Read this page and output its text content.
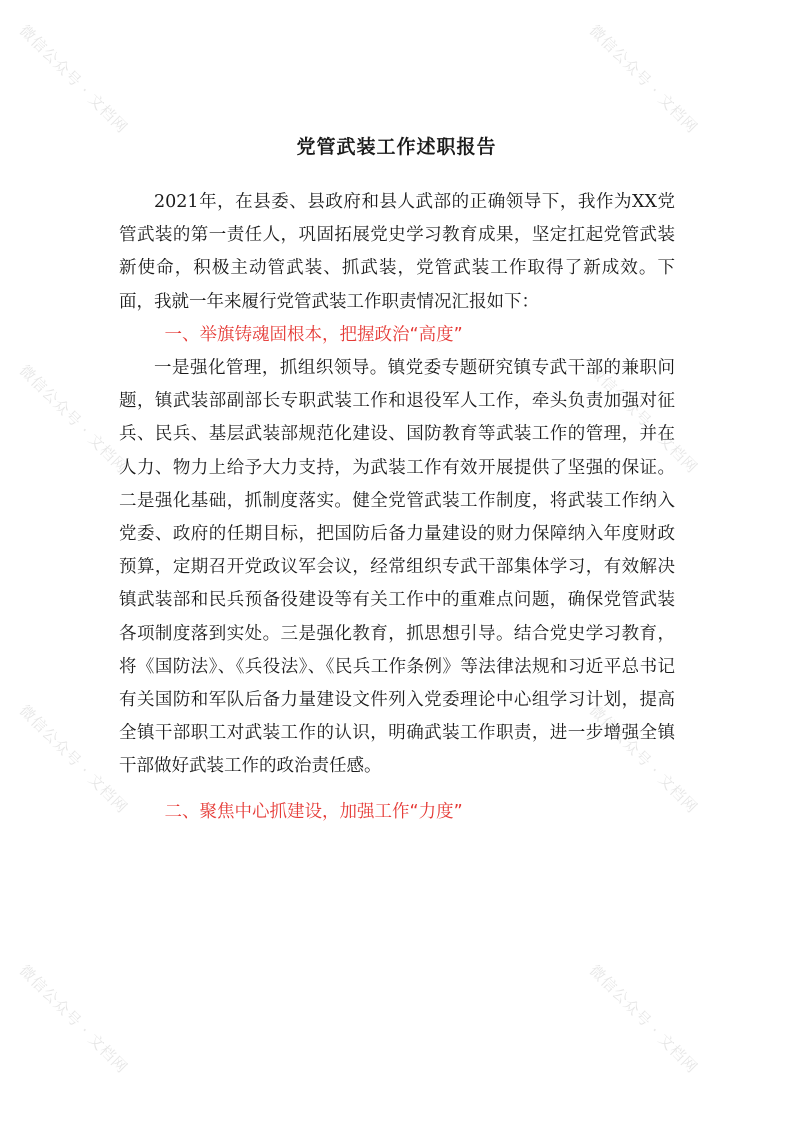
微信公众号 · 文档网	微信公众号 · 文档网
微信公众号 · 文档网	微信公众号 · 文档网
微信公众号 · 文档网	微信公众号 · 文档网
微信公众号 · 文档网	微信公众号 · 文档网
党管武装工作述职报告

2021年，在县委、县政府和县人武部的正确领导下，我作为XX党管武装的第一责任人，巩固拓展党史学习教育成果，坚定扛起党管武装新使命，积极主动管武装、抓武装，党管武装工作取得了新成效。下面，我就一年来履行党管武装工作职责情况汇报如下：

一、举旗铸魂固根本，把握政治“高度”

一是强化管理，抓组织领导。镇党委专题研究镇专武干部的兼职问题，镇武装部副部长专职武装工作和退役军人工作，牵头负责加强对征兵、民兵、基层武装部规范化建设、国防教育等武装工作的管理，并在人力、物力上给予大力支持，为武装工作有效开展提供了坚强的保证。二是强化基础，抓制度落实。健全党管武装工作制度，将武装工作纳入党委、政府的任期目标，把国防后备力量建设的财力保障纳入年度财政预算，定期召开党政议军会议，经常组织专武干部集体学习，有效解决镇武装部和民兵预备役建设等有关工作中的重难点问题，确保党管武装各项制度落到实处。三是强化教育，抓思想引导。结合党史学习教育，将《国防法》、《兵役法》、《民兵工作条例》等法律法规和习近平总书记有关国防和军队后备力量建设文件列入党委理论中心组学习计划，提高全镇干部职工对武装工作的认识，明确武装工作职责，进一步增强全镇干部做好武装工作的政治责任感。

二、聚焦中心抓建设，加强工作“力度”
